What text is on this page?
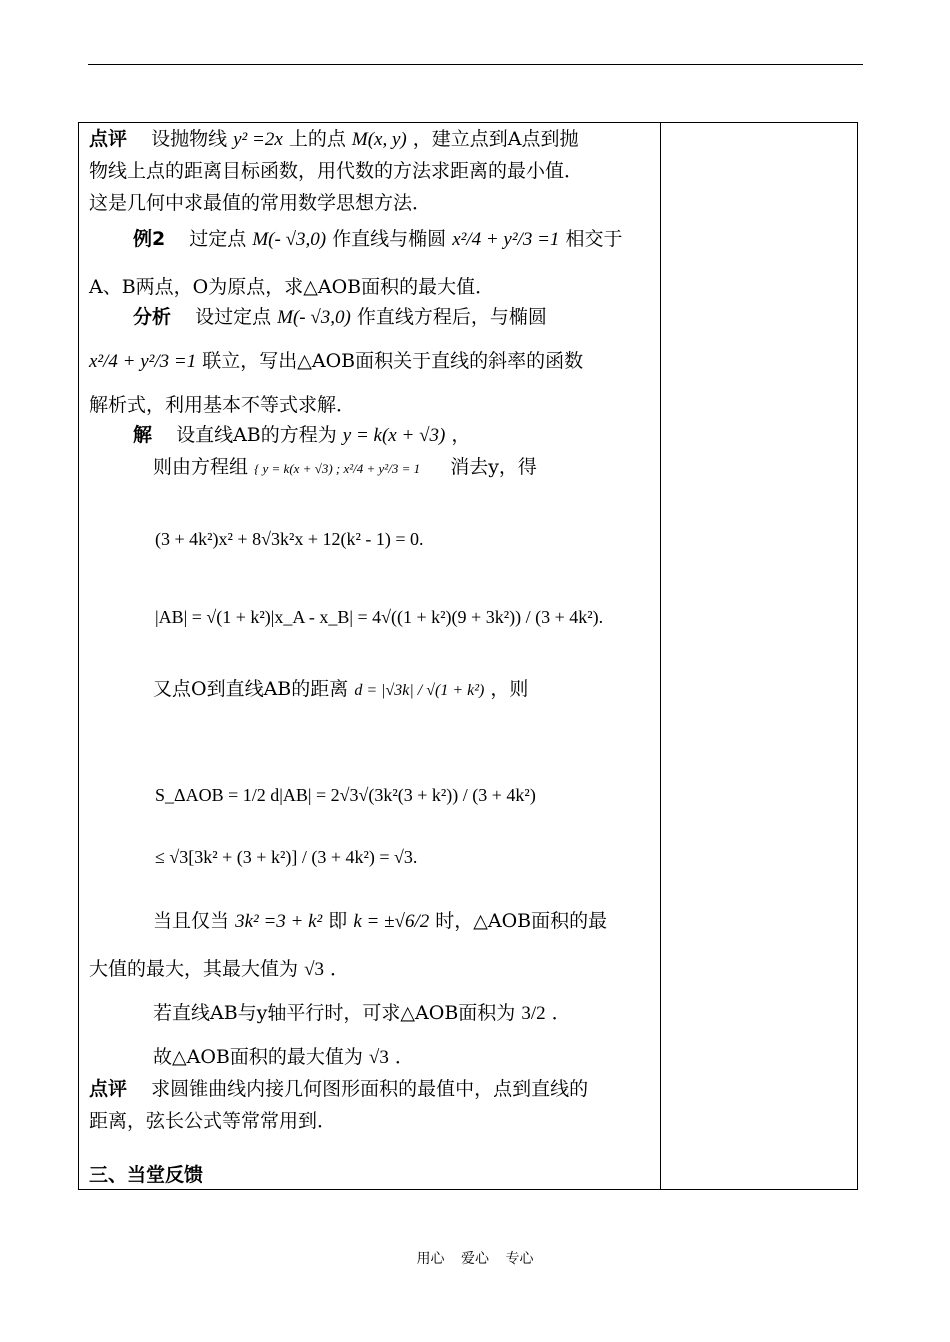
点评 设抛物线 y² =2x 上的点 M(x, y) ，建立点到A点到抛
物线上点的距离目标函数，用代数的方法求距离的最小值．
这是几何中求最值的常用数学思想方法．
例2 过定点 M(- √3,0) 作直线与椭圆 x²/4 + y²/3 =1 相交于
A、B两点，O为原点，求△AOB面积的最大值．
分析 设过定点 M(- √3,0) 作直线方程后，与椭圆
x²/4 + y²/3 =1 联立，写出△AOB面积关于直线的斜率的函数
解析式，利用基本不等式求解．
解 设直线AB的方程为 y = k(x + √3) ，
则由方程组 { y = k(x + √3) ; x²/4 + y²/3 = 1 消去y，得
(3 + 4k²)x² + 8√3k²x + 12(k² - 1) = 0.
|AB| = √(1 + k²)|x_A - x_B| = 4√((1 + k²)(9 + 3k²)) / (3 + 4k²).
又点O到直线AB的距离 d = |√3k| / √(1 + k²) ，则
S_ΔAOB = 1/2 d|AB| = 2√3√(3k²(3 + k²)) / (3 + 4k²)
≤ √3[3k² + (3 + k²)] / (3 + 4k²) = √3.
当且仅当 3k² =3 + k² 即 k = ±√6/2 时，△AOB面积的最
大值的最大，其最大值为 √3 ．
若直线AB与y轴平行时，可求△AOB面积为 3/2 ．
故△AOB面积的最大值为 √3 ．
点评 求圆锥曲线内接几何图形面积的最值中，点到直线的
距离，弦长公式等常常用到．
三、当堂反馈
用心 爱心 专心
